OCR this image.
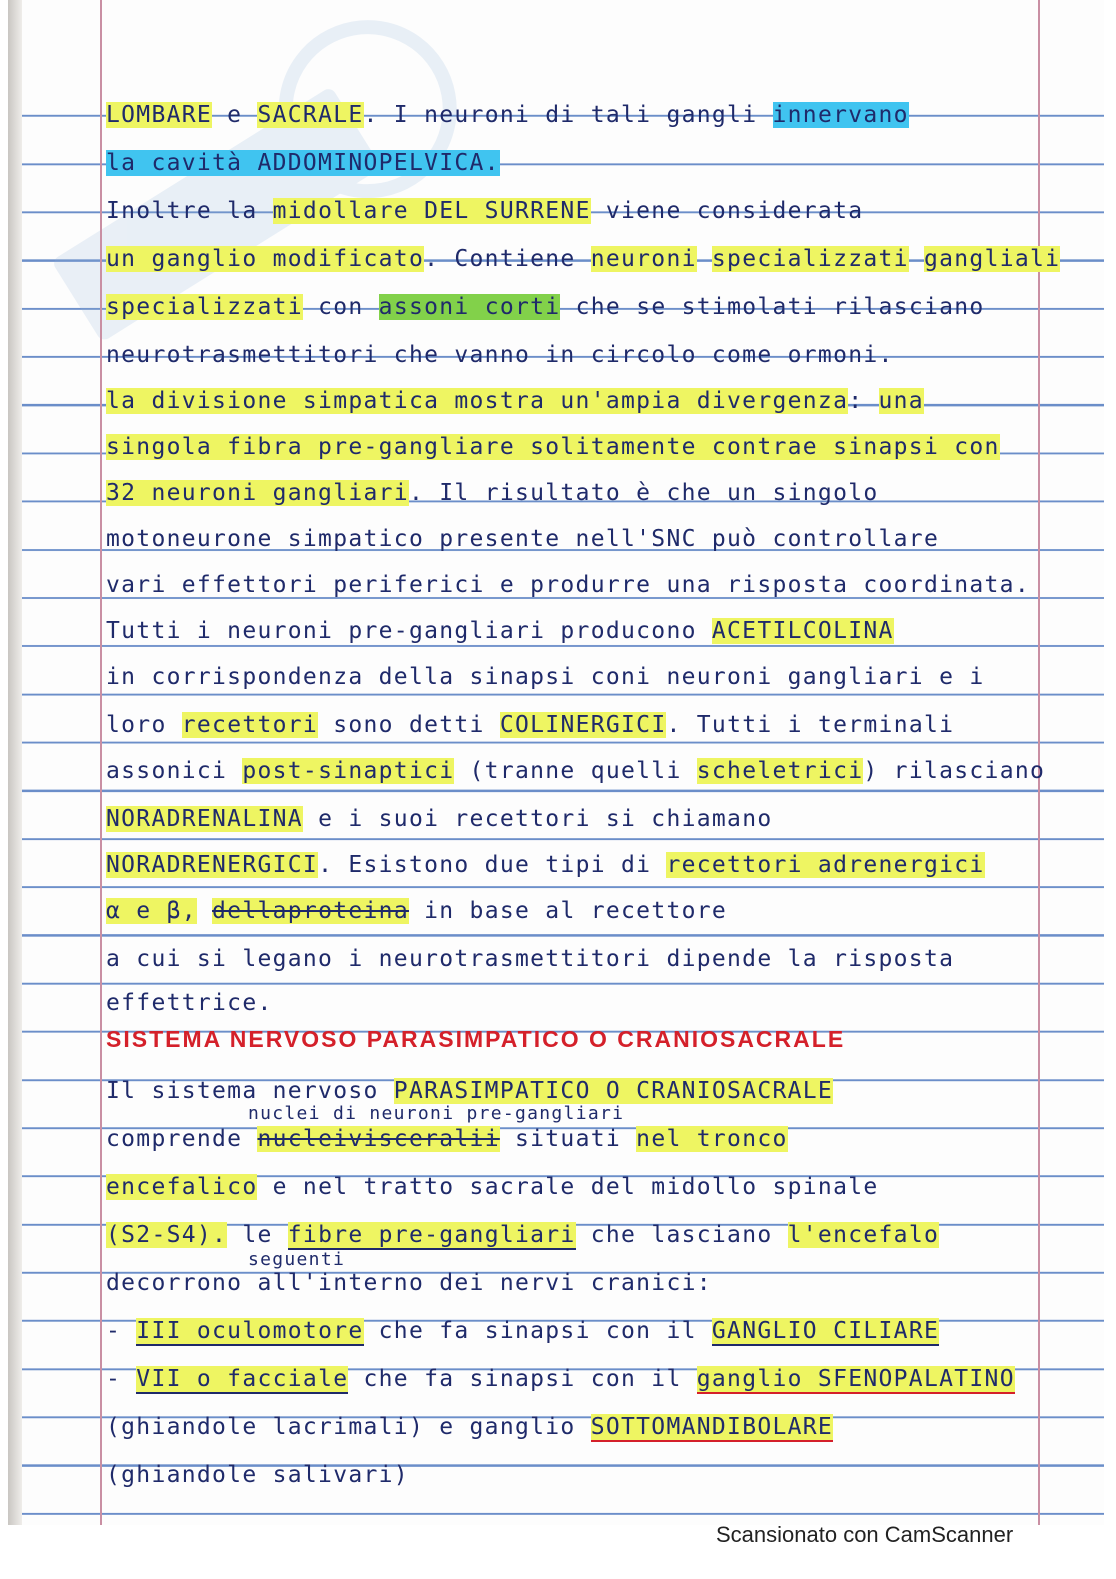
LOMBARE e SACRALE. I neuroni di tali gangli innervano
la cavità ADDOMINOPELVICA.
Inoltre la midollare DEL SURRENE viene considerata
un ganglio modificato. Contiene neuroni specializzati gangliali
specializzati con assoni corti che se stimolati rilasciano
neurotrasmettitori che vanno in circolo come ormoni.
la divisione simpatica mostra un'ampia divergenza: una
singola fibra pre-gangliare solitamente contrae sinapsi con
32 neuroni gangliari. Il risultato è che un singolo
motoneurone simpatico presente nell'SNC può controllare
vari effettori periferici e produrre una risposta coordinata.
Tutti i neuroni pre-gangliari producono ACETILCOLINA
in corrispondenza della sinapsi coni neuroni gangliari e i
loro recettori sono detti COLINERGICI. Tutti i terminali
assonici post-sinaptici (tranne quelli scheletrici) rilasciano
NORADRENALINA e i suoi recettori si chiamano
NORADRENERGICI. Esistono due tipi di recettori adrenergici
α e β, dellaproteina in base al recettore
a cui si legano i neurotrasmettitori dipende la risposta
effettrice.
SISTEMA NERVOSO PARASIMPATICO O CRANIOSACRALE
Il sistema nervoso PARASIMPATICO O CRANIOSACRALE
nuclei di neuroni pre-gangliari
comprende nucleivisceralii situati nel tronco
encefalico e nel tratto sacrale del midollo spinale
(S2-S4). le fibre pre-gangliari che lasciano l'encefalo
seguenti
decorrono all'interno dei nervi cranici:
- III oculomotore che fa sinapsi con il GANGLIO CILIARE
- VII o facciale che fa sinapsi con il ganglio SFENOPALATINO
(ghiandole lacrimali) e ganglio SOTTOMANDIBOLARE
(ghiandole salivari)
Scansionato con CamScanner
